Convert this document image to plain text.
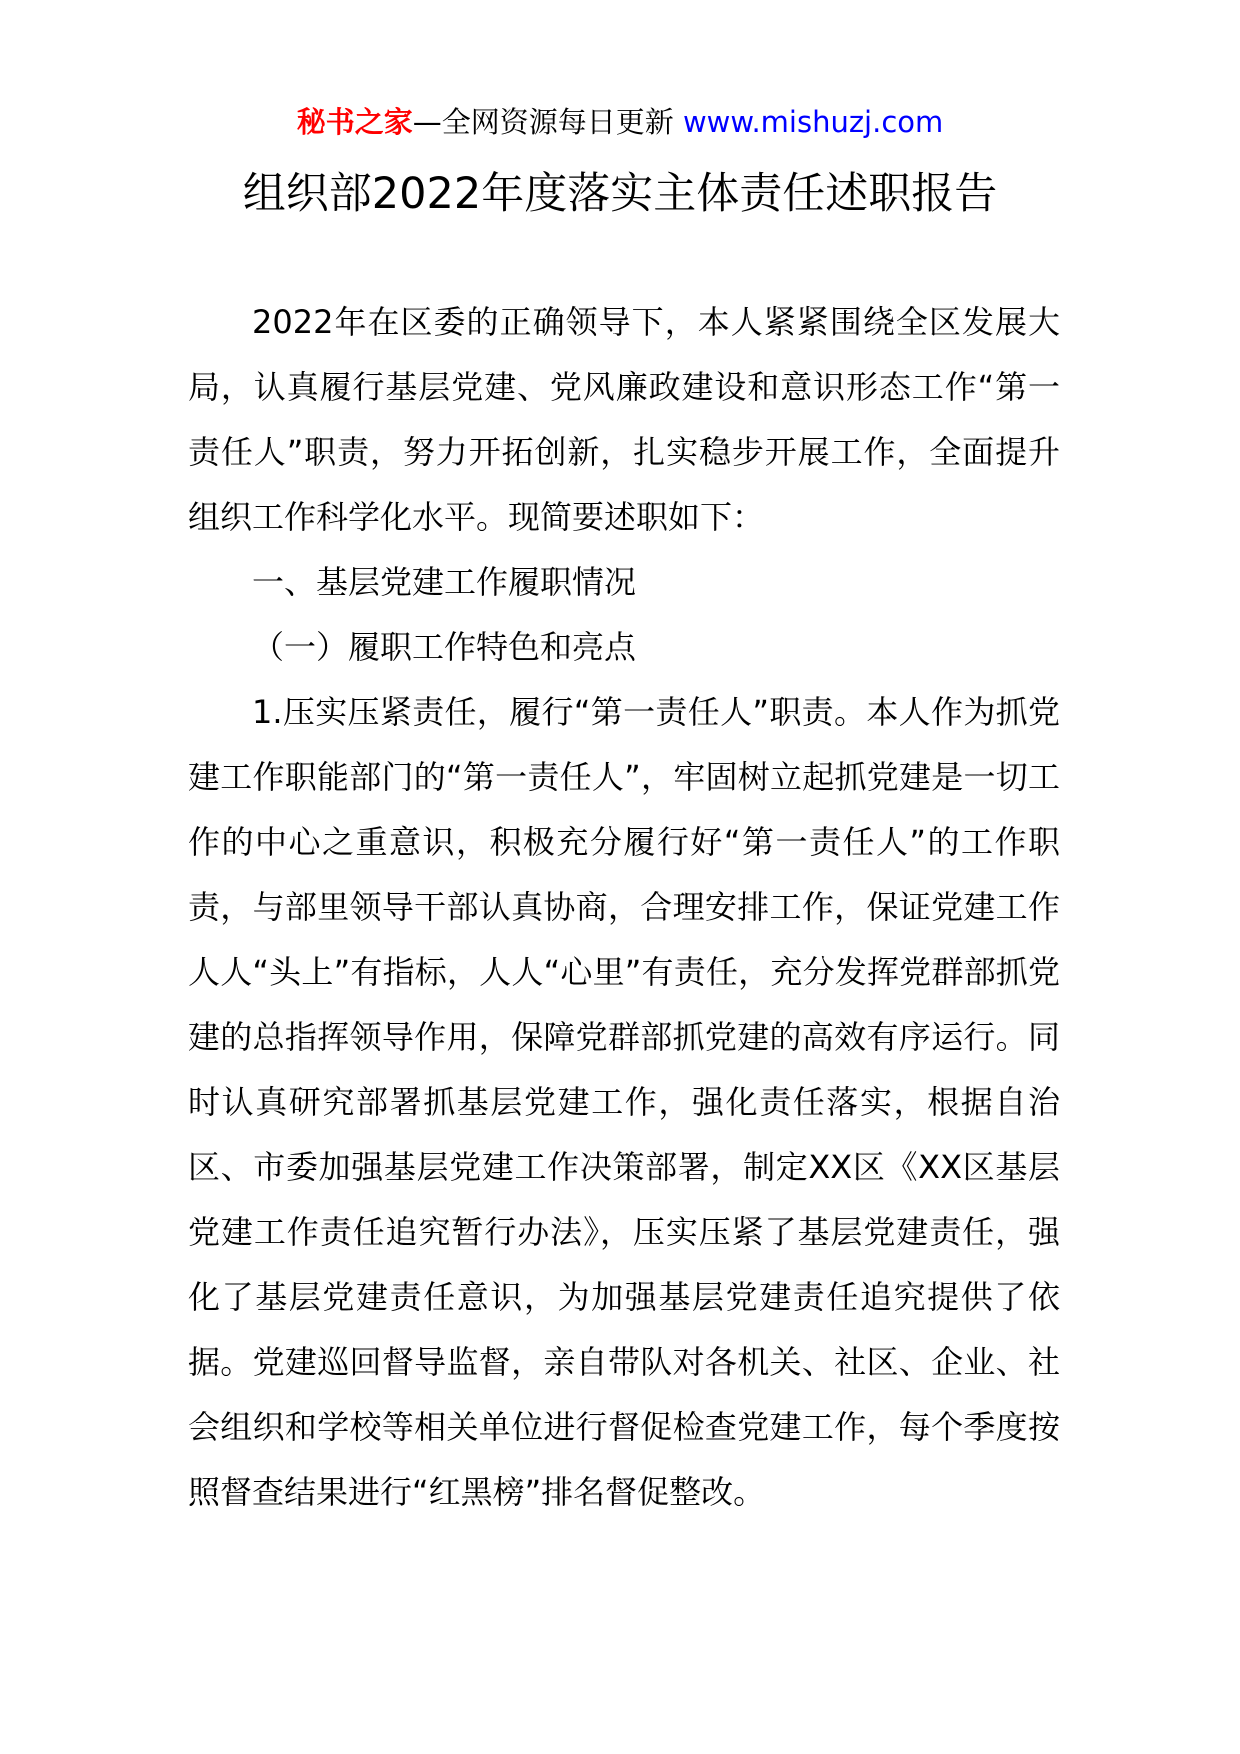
秘书之家—全网资源每日更新 www.mishuzj.com
组织部2022年度落实主体责任述职报告

2022年在区委的正确领导下，本人紧紧围绕全区发展大局，认真履行基层党建、党风廉政建设和意识形态工作“第一责任人”职责，努力开拓创新，扎实稳步开展工作，全面提升组织工作科学化水平。现简要述职如下：

一、基层党建工作履职情况

（一）履职工作特色和亮点

1.压实压紧责任，履行“第一责任人”职责。本人作为抓党建工作职能部门的“第一责任人”，牢固树立起抓党建是一切工作的中心之重意识，积极充分履行好“第一责任人”的工作职责，与部里领导干部认真协商，合理安排工作，保证党建工作人人“头上”有指标，人人“心里”有责任，充分发挥党群部抓党建的总指挥领导作用，保障党群部抓党建的高效有序运行。同时认真研究部署抓基层党建工作，强化责任落实，根据自治区、市委加强基层党建工作决策部署，制定XX区《XX区基层党建工作责任追究暂行办法》，压实压紧了基层党建责任，强化了基层党建责任意识，为加强基层党建责任追究提供了依据。党建巡回督导监督，亲自带队对各机关、社区、企业、社会组织和学校等相关单位进行督促检查党建工作，每个季度按照督查结果进行“红黑榜”排名督促整改。
